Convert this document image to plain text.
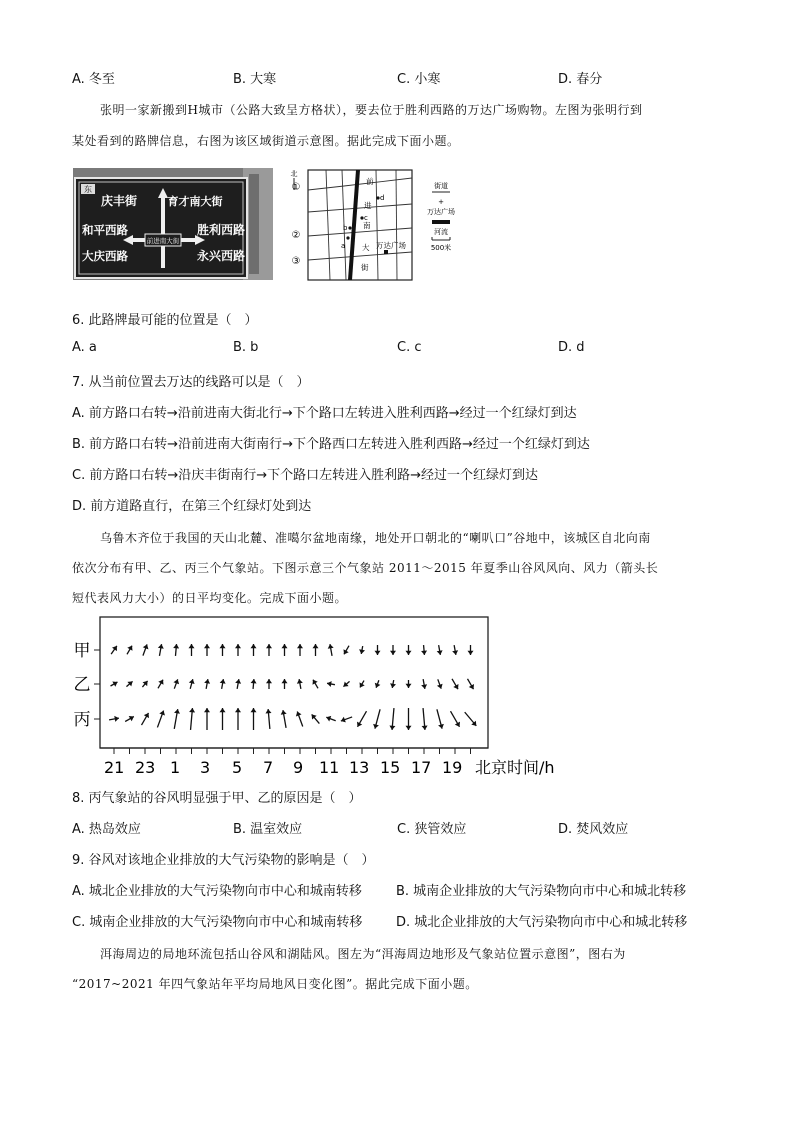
A. 冬至	B. 大寒	C. 小寒	D. 春分
张明一家新搬到H城市（公路大致呈方格状），要去位于胜利西路的万达广场购物。左图为张明行到
某处看到的路牌信息，右图为该区域街道示意图。据此完成下面小题。
东
前进南大街
庆丰街	育才南大街
和平西路	胜利西路
大庆西路	永兴西路
北
①
②
③
前
进
南
大
街
a
b
c
d
万达广场
街道
+
万达广场
河流
500米
6. 此路牌最可能的位置是（　）
A. a	B. b	C. c	D. d
7. 从当前位置去万达的线路可以是（　）
A. 前方路口右转→沿前进南大街北行→下个路口左转进入胜利西路→经过一个红绿灯到达
B. 前方路口右转→沿前进南大街南行→下个路西口左转进入胜利西路→经过一个红绿灯到达
C. 前方路口右转→沿庆丰街南行→下个路口左转进入胜利路→经过一个红绿灯到达
D. 前方道路直行，在第三个红绿灯处到达
乌鲁木齐位于我国的天山北麓、准噶尔盆地南缘，地处开口朝北的“喇叭口”谷地中，该城区自北向南
依次分布有甲、乙、丙三个气象站。下图示意三个气象站 2011～2015 年夏季山谷风风向、风力（箭头长
短代表风力大小）的日平均变化。完成下面小题。
甲
乙
丙
21 23 1 3 5 7 9 11 13 15 17 19 北京时间/h
8. 丙气象站的谷风明显强于甲、乙的原因是（　）
A. 热岛效应	B. 温室效应	C. 狭管效应	D. 焚风效应
9. 谷风对该地企业排放的大气污染物的影响是（　）
A. 城北企业排放的大气污染物向市中心和城南转移	B. 城南企业排放的大气污染物向市中心和城北转移
C. 城南企业排放的大气污染物向市中心和城南转移	D. 城北企业排放的大气污染物向市中心和城北转移
洱海周边的局地环流包括山谷风和湖陆风。图左为“洱海周边地形及气象站位置示意图”，图右为
“2017~2021 年四气象站年平均局地风日变化图”。据此完成下面小题。
